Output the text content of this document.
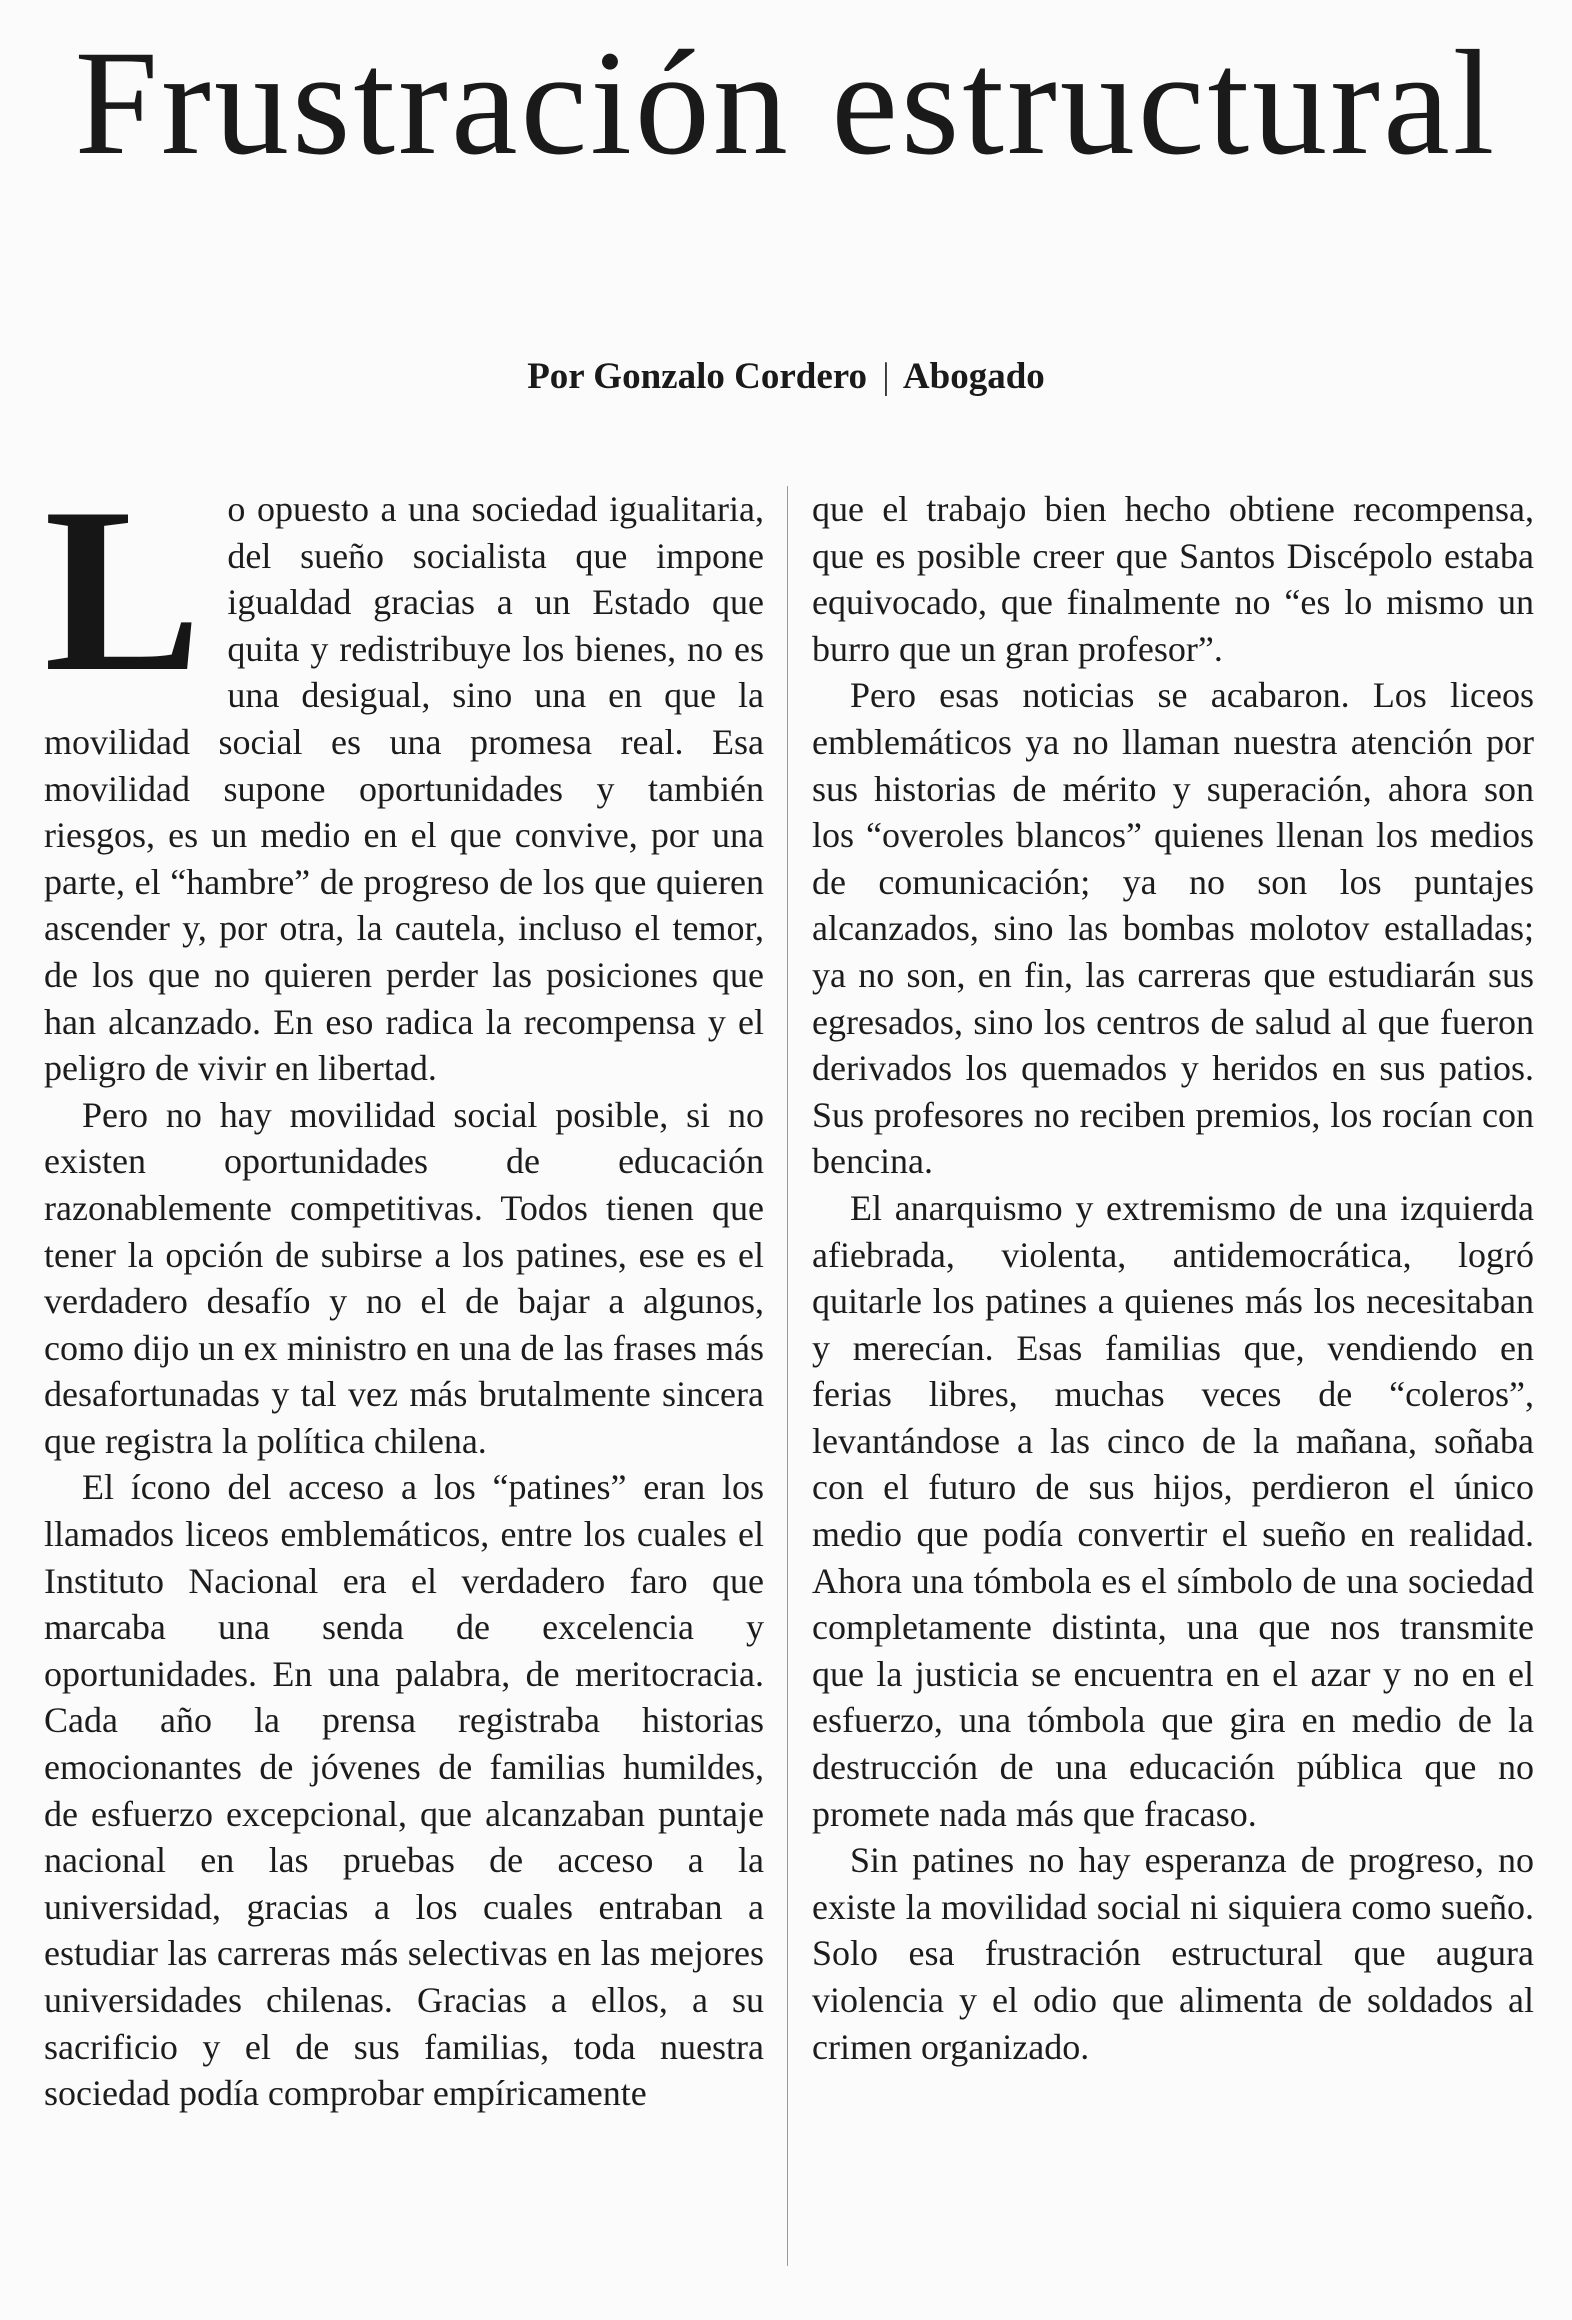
Frustración estructural
Por Gonzalo Cordero | Abogado

Lo opuesto a una sociedad igualitaria, del sueño socialista que impone igualdad gracias a un Estado que quita y redistribuye los bienes, no es una desigual, sino una en que la movilidad social es una promesa real. Esa movilidad supone oportunidades y también riesgos, es un medio en el que convive, por una parte, el “hambre” de progreso de los que quieren ascender y, por otra, la cautela, incluso el temor, de los que no quieren perder las posiciones que han alcanzado. En eso radica la recompensa y el peligro de vivir en libertad.

Pero no hay movilidad social posible, si no existen oportunidades de educación razonablemente competitivas. Todos tienen que tener la opción de subirse a los patines, ese es el verdadero desafío y no el de bajar a algunos, como dijo un ex ministro en una de las frases más desafortunadas y tal vez más brutalmente sincera que registra la política chilena.

El ícono del acceso a los “patines” eran los llamados liceos emblemáticos, entre los cuales el Instituto Nacional era el verdadero faro que marcaba una senda de excelencia y oportunidades. En una palabra, de meritocracia. Cada año la prensa registraba historias emocionantes de jóvenes de familias humildes, de esfuerzo excepcional, que alcanzaban puntaje nacional en las pruebas de acceso a la universidad, gracias a los cuales entraban a estudiar las carreras más selectivas en las mejores universidades chilenas. Gracias a ellos, a su sacrificio y el de sus familias, toda nuestra sociedad podía comprobar empíricamente

que el trabajo bien hecho obtiene recompensa, que es posible creer que Santos Discépolo estaba equivocado, que finalmente no “es lo mismo un burro que un gran profesor”.

Pero esas noticias se acabaron. Los liceos emblemáticos ya no llaman nuestra atención por sus historias de mérito y superación, ahora son los “overoles blancos” quienes llenan los medios de comunicación; ya no son los puntajes alcanzados, sino las bombas molotov estalladas; ya no son, en fin, las carreras que estudiarán sus egresados, sino los centros de salud al que fueron derivados los quemados y heridos en sus patios. Sus profesores no reciben premios, los rocían con bencina.

El anarquismo y extremismo de una izquierda afiebrada, violenta, antidemocrática, logró quitarle los patines a quienes más los necesitaban y merecían. Esas familias que, vendiendo en ferias libres, muchas veces de “coleros”, levantándose a las cinco de la mañana, soñaba con el futuro de sus hijos, perdieron el único medio que podía convertir el sueño en realidad. Ahora una tómbola es el símbolo de una sociedad completamente distinta, una que nos transmite que la justicia se encuentra en el azar y no en el esfuerzo, una tómbola que gira en medio de la destrucción de una educación pública que no promete nada más que fracaso.

Sin patines no hay esperanza de progreso, no existe la movilidad social ni siquiera como sueño. Solo esa frustración estructural que augura violencia y el odio que alimenta de soldados al crimen organizado.
